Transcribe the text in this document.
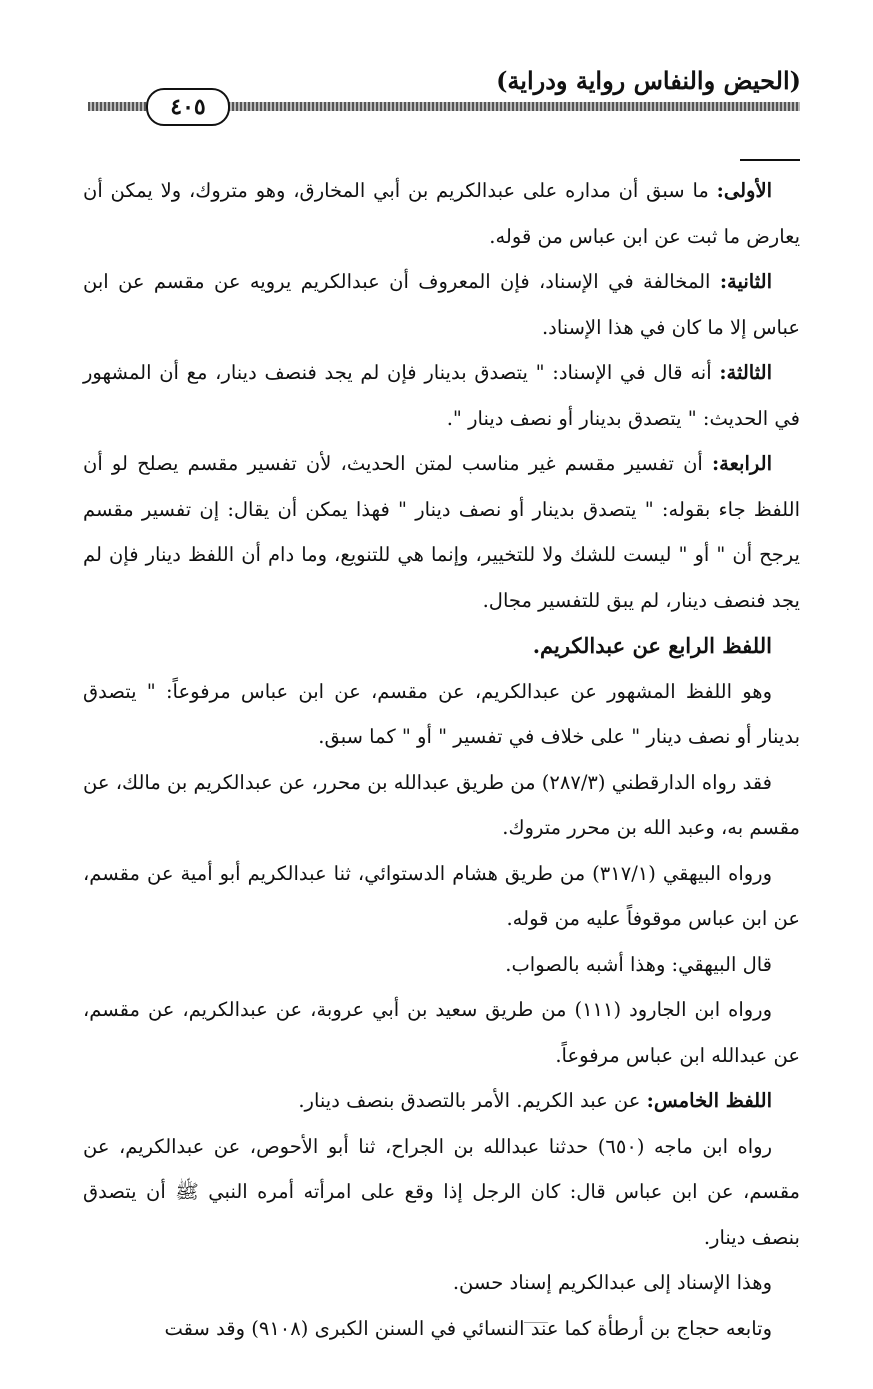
(الحيض والنفاس رواية ودراية)
٤٠٥

الأولى: ما سبق أن مداره على عبدالكريم بن أبي المخارق، وهو متروك، ولا يمكن أن يعارض ما ثبت عن ابن عباس من قوله.

الثانية: المخالفة في الإسناد، فإن المعروف أن عبدالكريم يرويه عن مقسم عن ابن عباس إلا ما كان في هذا الإسناد.

الثالثة: أنه قال في الإسناد: " يتصدق بدينار فإن لم يجد فنصف دينار، مع أن المشهور في الحديث: " يتصدق بدينار أو نصف دينار ".

الرابعة: أن تفسير مقسم غير مناسب لمتن الحديث، لأن تفسير مقسم يصلح لو أن اللفظ جاء بقوله: " يتصدق بدينار أو نصف دينار " فهذا يمكن أن يقال: إن تفسير مقسم يرجح أن " أو " ليست للشك ولا للتخيير، وإنما هي للتنويع، وما دام أن اللفظ دينار فإن لم يجد فنصف دينار، لم يبق للتفسير مجال.

اللفظ الرابع عن عبدالكريم.

وهو اللفظ المشهور عن عبدالكريم، عن مقسم، عن ابن عباس مرفوعاً: " يتصدق بدينار أو نصف دينار " على خلاف في تفسير " أو " كما سبق.

فقد رواه الدارقطني (٢٨٧/٣) من طريق عبدالله بن محرر، عن عبدالكريم بن مالك، عن مقسم به، وعبد الله بن محرر متروك.

ورواه البيهقي (٣١٧/١) من طريق هشام الدستوائي، ثنا عبدالكريم أبو أمية عن مقسم، عن ابن عباس موقوفاً عليه من قوله.

قال البيهقي: وهذا أشبه بالصواب.

ورواه ابن الجارود (١١١) من طريق سعيد بن أبي عروبة، عن عبدالكريم، عن مقسم، عن عبدالله ابن عباس مرفوعاً.

اللفظ الخامس: عن عبد الكريم. الأمر بالتصدق بنصف دينار.

رواه ابن ماجه (٦٥٠) حدثنا عبدالله بن الجراح، ثنا أبو الأحوص، عن عبدالكريم، عن مقسم، عن ابن عباس قال: كان الرجل إذا وقع على امرأته أمره النبي ﷺ أن يتصدق بنصف دينار.

وهذا الإسناد إلى عبدالكريم إسناد حسن.

وتابعه حجاج بن أرطأة كما عند النسائي في السنن الكبرى (٩١٠٨) وقد سقت
